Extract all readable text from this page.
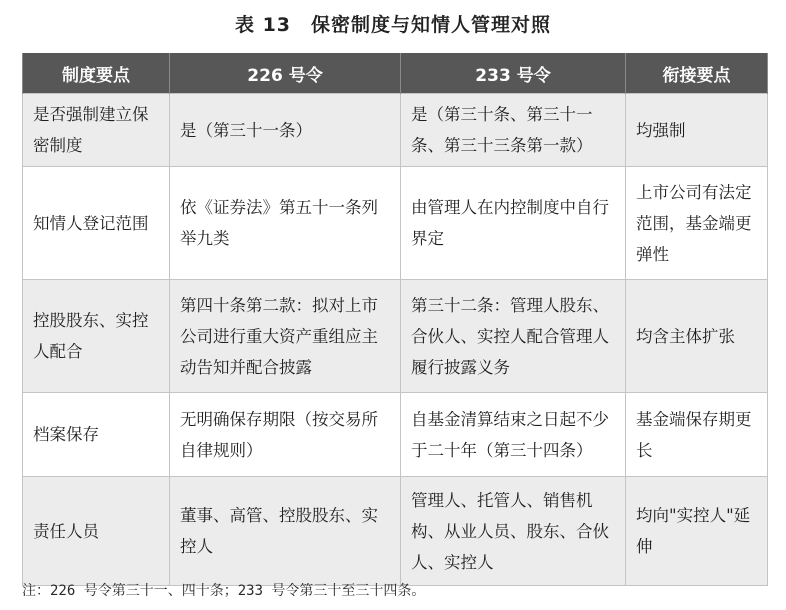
表 13　保密制度与知情人管理对照
制度要点	226 号令	233 号令	衔接要点
是否强制建立保密制度	是（第三十一条）	是（第三十条、第三十一条、第三十三条第一款）	均强制
知情人登记范围	依《证券法》第五十一条列举九类	由管理人在内控制度中自行界定	上市公司有法定范围，基金端更弹性
控股股东、实控人配合	第四十条第二款：拟对上市公司进行重大资产重组应主动告知并配合披露	第三十二条：管理人股东、合伙人、实控人配合管理人履行披露义务	均含主体扩张
档案保存	无明确保存期限（按交易所自律规则）	自基金清算结束之日起不少于二十年（第三十四条）	基金端保存期更长
责任人员	董事、高管、控股股东、实控人	管理人、托管人、销售机构、从业人员、股东、合伙人、实控人	均向"实控人"延伸
注：226 号令第三十一、四十条；233 号令第三十至三十四条。
